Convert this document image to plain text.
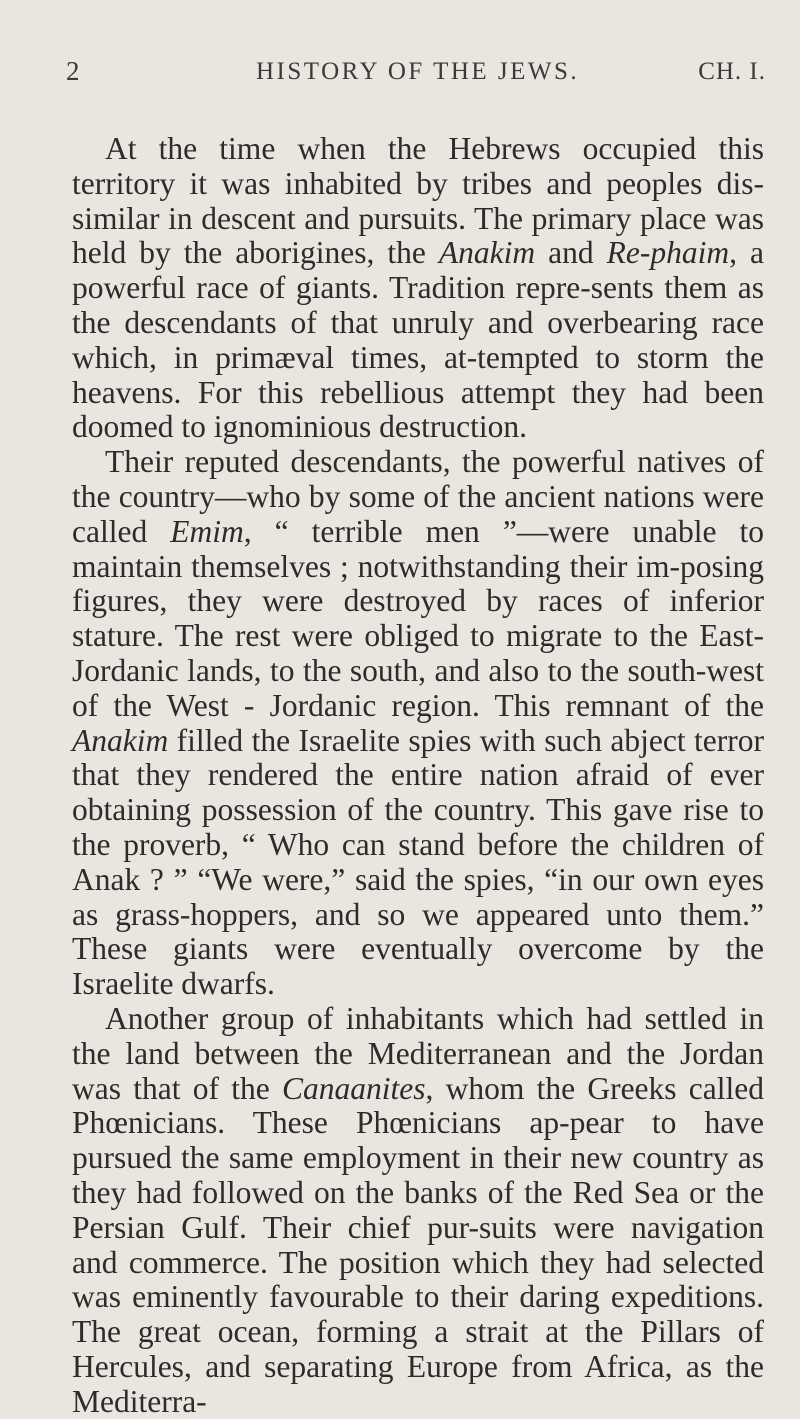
2	HISTORY OF THE JEWS.	CH. I.

At the time when the Hebrews occupied this territory it was inhabited by tribes and peoples dis-similar in descent and pursuits. The primary place was held by the aborigines, the Anakim and Re-phaim, a powerful race of giants. Tradition repre-sents them as the descendants of that unruly and overbearing race which, in primæval times, at-tempted to storm the heavens. For this rebellious attempt they had been doomed to ignominious destruction.

Their reputed descendants, the powerful natives of the country—who by some of the ancient nations were called Emim, “ terrible men ”—were unable to maintain themselves ; notwithstanding their im-posing figures, they were destroyed by races of inferior stature. The rest were obliged to migrate to the East-Jordanic lands, to the south, and also to the south-west of the West - Jordanic region. This remnant of the Anakim filled the Israelite spies with such abject terror that they rendered the entire nation afraid of ever obtaining possession of the country. This gave rise to the proverb, “ Who can stand before the children of Anak ? ” “We were,” said the spies, “in our own eyes as grass-hoppers, and so we appeared unto them.” These giants were eventually overcome by the Israelite dwarfs.

Another group of inhabitants which had settled in the land between the Mediterranean and the Jordan was that of the Canaanites, whom the Greeks called Phœnicians. These Phœnicians ap-pear to have pursued the same employment in their new country as they had followed on the banks of the Red Sea or the Persian Gulf. Their chief pur-suits were navigation and commerce. The position which they had selected was eminently favourable to their daring expeditions. The great ocean, forming a strait at the Pillars of Hercules, and separating Europe from Africa, as the Mediterra-
